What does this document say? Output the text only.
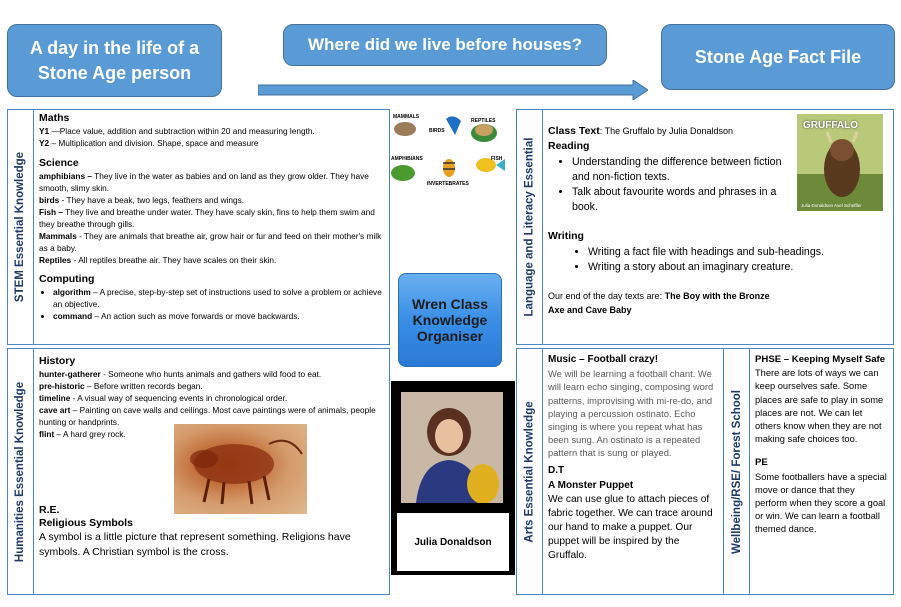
A day in the life of a Stone Age person
Where did we live before houses?
Stone Age Fact File
STEM Essential Knowledge
Maths

Y1 —Place value, addition and subtraction within 20 and measuring length.

Y2 – Multiplication and division. Shape, space and measure

Science

amphibians – They live in the water as babies and on land as they grow older. They have smooth, slimy skin.

birds - They have a beak, two legs, feathers and wings.

Fish – They live and breathe under water. They have scaly skin, fins to help them swim and they breathe through gills.

Mammals - They are animals that breathe air, grow hair or fur and feed on their mother's milk as a baby.

Reptiles - All reptiles breathe air. They have scales on their skin.

Computing
• algorithm – A precise, step-by-step set of instructions used to solve a problem or achieve an objective.
• command – An action such as move forwards or move backwards.
Humanities Essential Knowledge
History

hunter-gatherer - Someone who hunts animals and gathers wild food to eat.

pre-historic – Before written records began.

timeline - A visual way of sequencing events in chronological order.

cave art – Painting on cave walls and ceilings. Most cave paintings were of animals, people hunting or handprints.

flint – A hard grey rock.

R.E.
Religious Symbols

A symbol is a little picture that represent something. Religions have symbols. A Christian symbol is the cross.

MAMMALS
BIRDS
REPTILES
AMPHIBIANS	FISH
INVERTEBRATES
Wren Class Knowledge Organiser
Julia Donaldson
Language and Literacy Essential

Class Text: The Gruffalo by Julia Donaldson

Reading
• Understanding the difference between fiction and non-fiction texts.
• Talk about favourite words and phrases in a book.
Writing
• Writing a fact file with headings and sub-headings.
• Writing a story about an imaginary creature.

Our end of the day texts are: The Boy with the Bronze Axe and Cave Baby

GRUFFALO
Julia Donaldson Axel Scheffler
Arts Essential Knowledge
Music – Football crazy!

We will be learning a football chant. We will learn echo singing, composing word patterns, improvising with mi-re-do, and playing a percussion ostinato. Echo singing is where you repeat what has been sung. An ostinato is a repeated pattern that is sung or played.

D.T
A Monster Puppet

We can use glue to attach pieces of fabric together. We can trace around our hand to make a puppet. Our puppet will be inspired by the Gruffalo.

Wellbeing/RSE/ Forest School
PHSE – Keeping Myself Safe

There are lots of ways we can keep ourselves safe. Some places are safe to play in some places are not. We can let others know when they are not making safe choices too.

PE

Some footballers have a special move or dance that they perform when they score a goal or win. We can learn a football themed dance.
